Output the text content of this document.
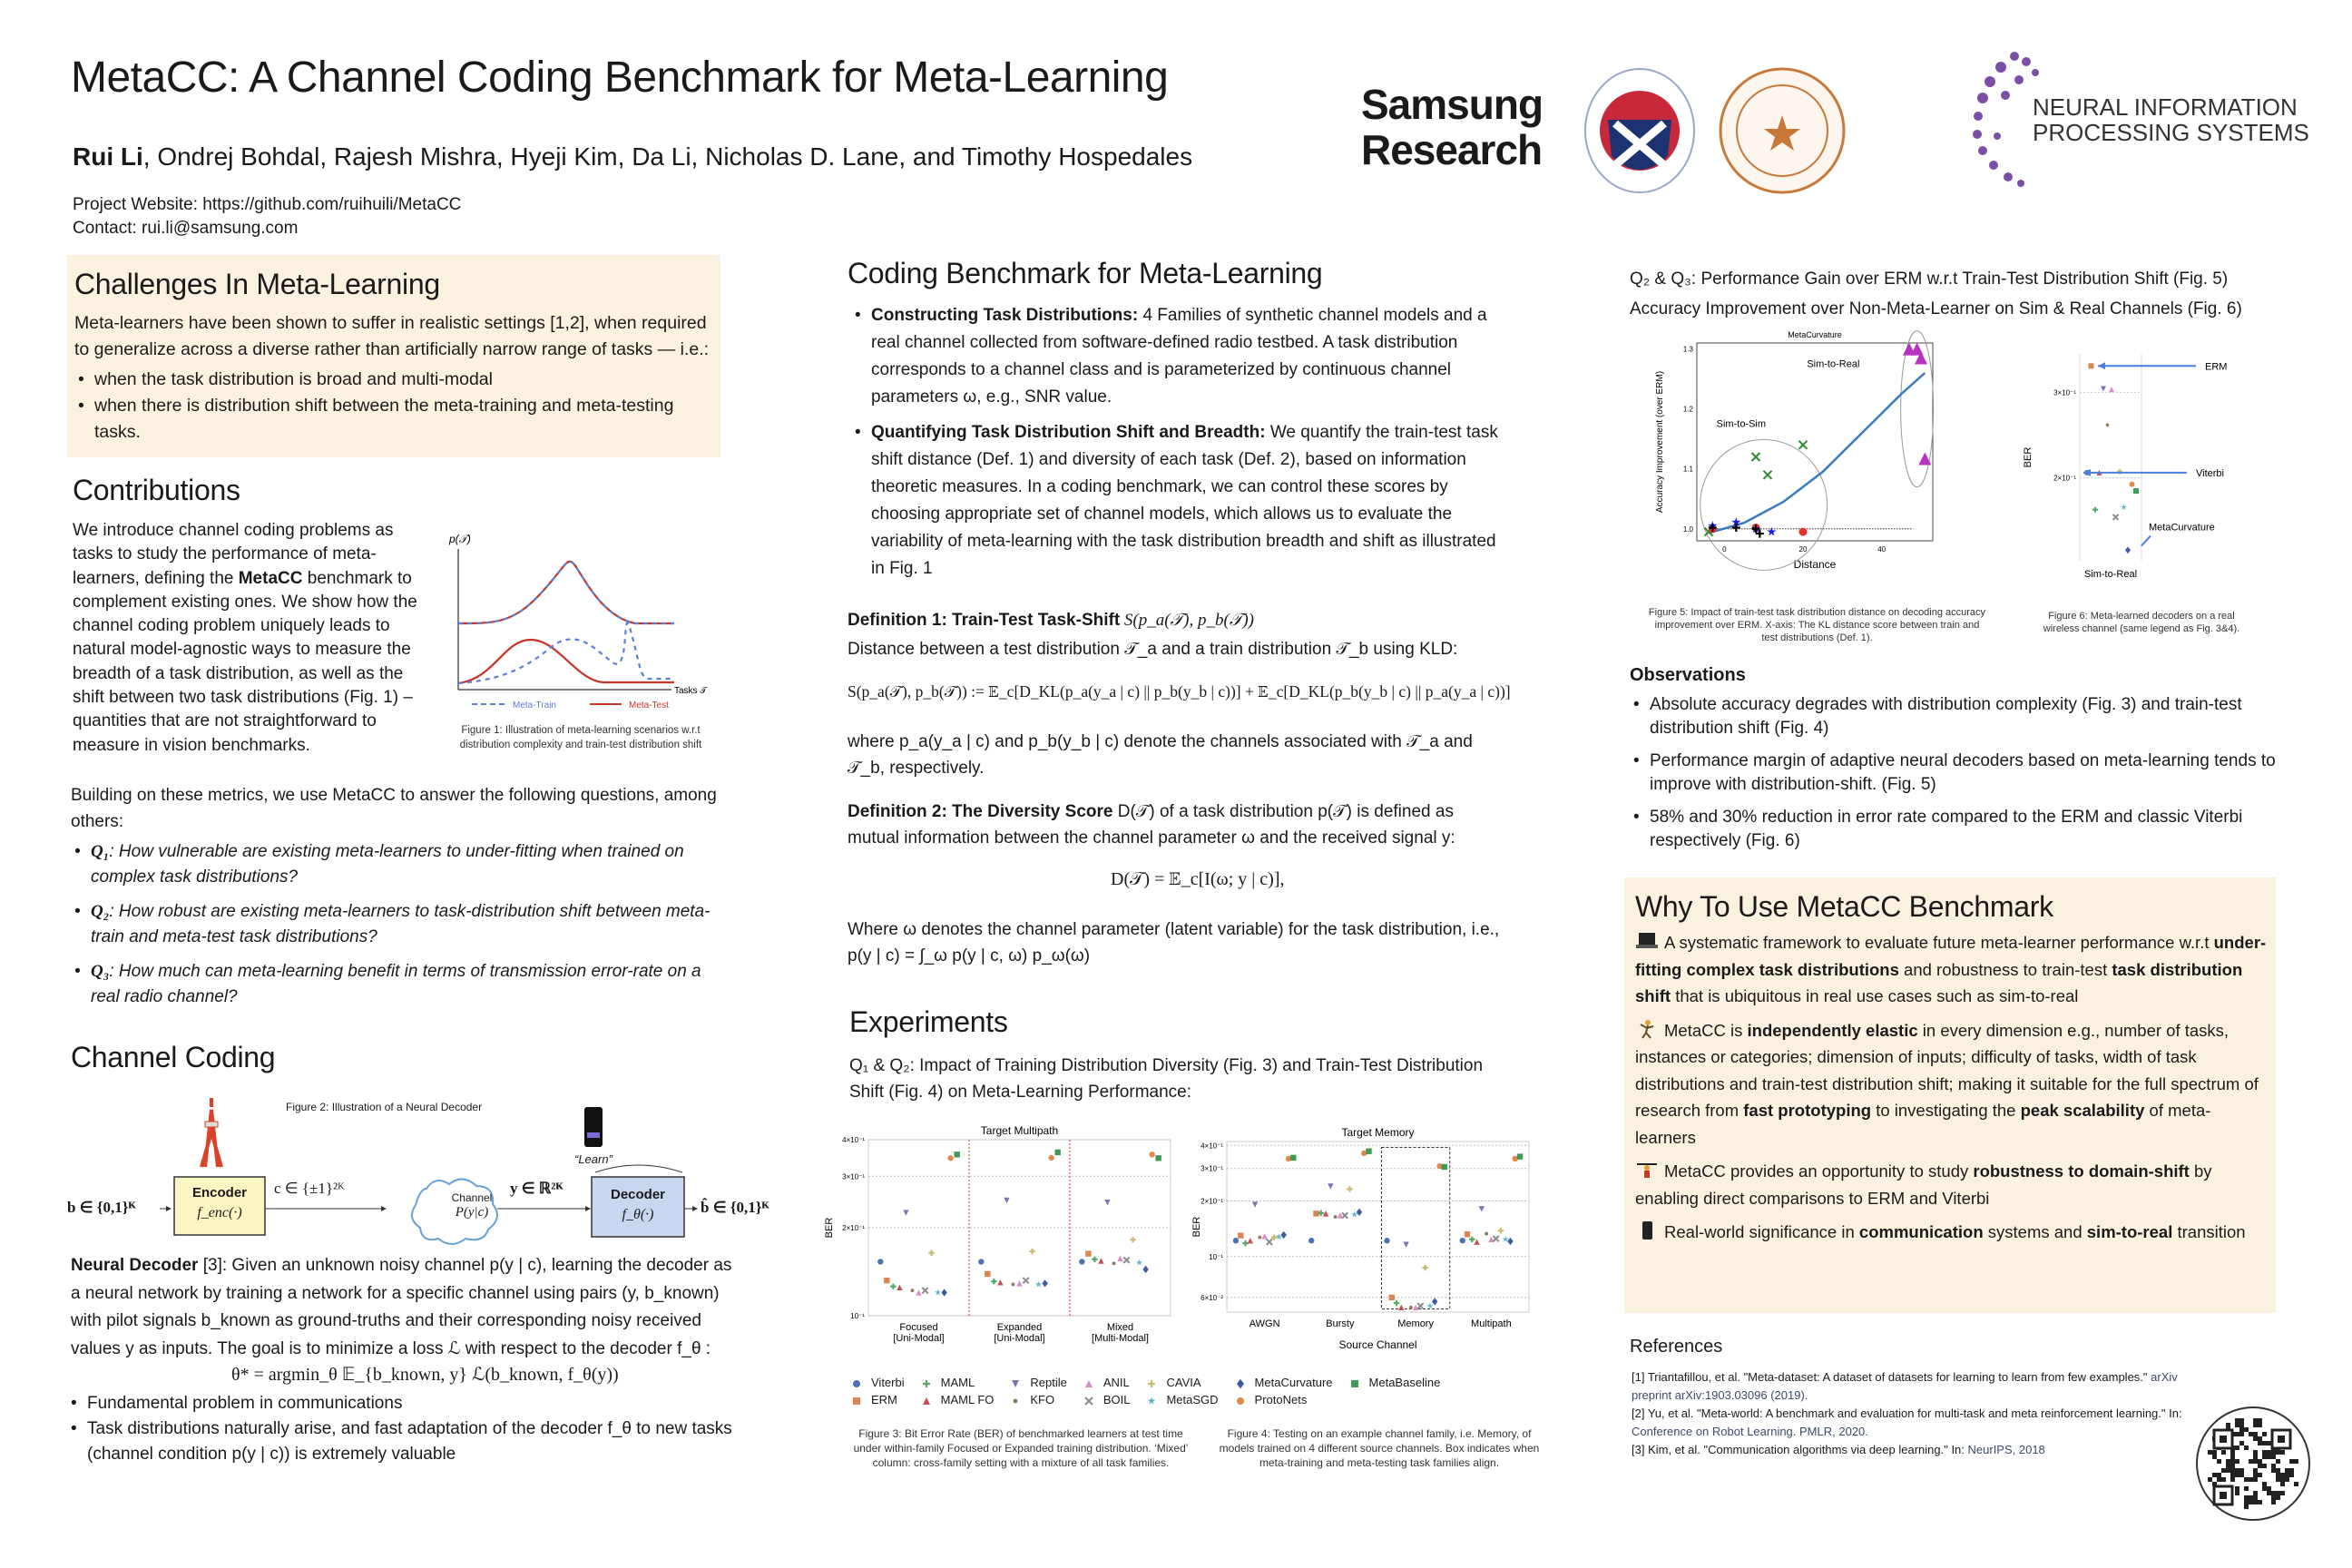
MetaCC: A Channel Coding Benchmark for Meta-Learning
Rui Li, Ondrej Bohdal, Rajesh Mishra, Hyeji Kim, Da Li, Nicholas D. Lane, and Timothy Hospedales
Project Website: https://github.com/ruihuili/MetaCC
Contact: rui.li@samsung.com
Samsung
Research
NEURAL INFORMATION
PROCESSING SYSTEMS
Challenges In Meta-Learning
Meta-learners have been shown to suffer in realistic settings [1,2], when required to generalize across a diverse rather than artificially narrow range of tasks — i.e.:
• when the task distribution is broad and multi-modal
• when there is distribution shift between the meta-training and meta-testing tasks.
Contributions
We introduce channel coding problems as tasks to study the performance of meta-learners, defining the MetaCC benchmark to complement existing ones. We show how the channel coding problem uniquely leads to natural model-agnostic ways to measure the breadth of a task distribution, as well as the shift between two task distributions (Fig. 1) – quantities that are not straightforward to measure in vision benchmarks.
p(𝒯)
Tasks 𝒯
Meta-Train	Meta-Test
Figure 1: Illustration of meta-learning scenarios w.r.t distribution complexity and train-test distribution shift
Building on these metrics, we use MetaCC to answer the following questions, among others:
• Q₁: How vulnerable are existing meta-learners to under-fitting when trained on complex task distributions?
• Q₂: How robust are existing meta-learners to task-distribution shift between meta-train and meta-test task distributions?
• Q₃: How much can meta-learning benefit in terms of transmission error-rate on a real radio channel?
Channel Coding
Figure 2: Illustration of a Neural Decoder
“Learn”
b ∈ {0,1}ᴷ
Encoder
f_enc(·)
c ∈ {±1}²ᴷ
Channel
P(y|c)
y ∈ ℝ²ᴷ	Decoder
f_θ(·)	b̂ ∈ {0,1}ᴷ
Neural Decoder [3]: Given an unknown noisy channel p(y | c), learning the decoder as a neural network by training a network for a specific channel using pairs (y, b_known) with pilot signals b_known as ground-truths and their corresponding noisy received values y as inputs. The goal is to minimize a loss ℒ with respect to the decoder f_θ :
θ* = argmin_θ 𝔼_{b_known, y} ℒ(b_known, f_θ(y))
• Fundamental problem in communications
• Task distributions naturally arise, and fast adaptation of the decoder f_θ to new tasks (channel condition p(y | c)) is extremely valuable
Coding Benchmark for Meta-Learning
• Constructing Task Distributions: 4 Families of synthetic channel models and a real channel collected from software-defined radio testbed. A task distribution corresponds to a channel class and is parameterized by continuous channel parameters ω, e.g., SNR value.
• Quantifying Task Distribution Shift and Breadth: We quantify the train-test task shift distance (Def. 1) and diversity of each task (Def. 2), based on information theoretic measures. In a coding benchmark, we can control these scores by choosing appropriate set of channel models, which allows us to evaluate the variability of meta-learning with the task distribution breadth and shift as illustrated in Fig. 1
Definition 1: Train-Test Task-Shift S(p_a(𝒯), p_b(𝒯))
Distance between a test distribution 𝒯_a and a train distribution 𝒯_b using KLD:
S(p_a(𝒯), p_b(𝒯)) := 𝔼_c[D_KL(p_a(y_a | c) || p_b(y_b | c))] + 𝔼_c[D_KL(p_b(y_b | c) || p_a(y_a | c))]
where p_a(y_a | c) and p_b(y_b | c) denote the channels associated with 𝒯_a and 𝒯_b, respectively.
Definition 2: The Diversity Score D(𝒯) of a task distribution p(𝒯) is defined as mutual information between the channel parameter ω and the received signal y:
D(𝒯) = 𝔼_c[I(ω; y | c)],
Where ω denotes the channel parameter (latent variable) for the task distribution, i.e., p(y | c) = ∫_ω p(y | c, ω) p_ω(ω)
Experiments
Q₁ & Q₂: Impact of Training Distribution Diversity (Fig. 3) and Train-Test Distribution Shift (Fig. 4) on Meta-Learning Performance:
Target Multipath
4×10⁻¹
3×10⁻¹
2×10⁻¹
10⁻¹
BER
Focused
[Uni-Modal]
Expanded
[Uni-Modal]
Mixed
[Multi-Modal]
Target Memory
4×10⁻¹
3×10⁻¹
2×10⁻¹
10⁻¹
6×10⁻²
BER
AWGN	Bursty	Memory	Multipath
Source Channel
Viterbi	MAML	Reptile	ANIL	CAVIA	MetaCurvature	MetaBaseline
ERM	MAML FO	KFO	BOIL	MetaSGD	ProtoNets
Figure 3: Bit Error Rate (BER) of benchmarked learners at test time under within-family Focused or Expanded training distribution. ‘Mixed’ column: cross-family setting with a mixture of all task families.
Figure 4: Testing on an example channel family, i.e. Memory, of models trained on 4 different source channels. Box indicates when meta-training and meta-testing task families align.
Q₂ & Q₃: Performance Gain over ERM w.r.t Train-Test Distribution Shift (Fig. 5)
Accuracy Improvement over Non-Meta-Learner on Sim & Real Channels (Fig. 6)
MetaCurvature
0	20	40
1.0
1.1
1.2
1.3
Accuracy Improvement (over ERM)
Distance
Sim-to-Sim
Sim-to-Real
3×10⁻¹
2×10⁻¹
BER
Sim-to-Real
ERM
Viterbi
MetaCurvature
Figure 5: Impact of train-test task distribution distance on decoding accuracy improvement over ERM. X-axis: The KL distance score between train and test distributions (Def. 1).
Figure 6: Meta-learned decoders on a real wireless channel (same legend as Fig. 3&4).
Observations
• Absolute accuracy degrades with distribution complexity (Fig. 3) and train-test distribution shift (Fig. 4)
• Performance margin of adaptive neural decoders based on meta-learning tends to improve with distribution-shift. (Fig. 5)
• 58% and 30% reduction in error rate compared to the ERM and classic Viterbi respectively (Fig. 6)
Why To Use MetaCC Benchmark
A systematic framework to evaluate future meta-learner performance w.r.t under-fitting complex task distributions and robustness to train-test task distribution shift that is ubiquitous in real use cases such as sim-to-real
MetaCC is independently elastic in every dimension e.g., number of tasks, instances or categories; dimension of inputs; difficulty of tasks, width of task distributions and train-test distribution shift; making it suitable for the full spectrum of research from fast prototyping to investigating the peak scalability of meta-learners
MetaCC provides an opportunity to study robustness to domain-shift by enabling direct comparisons to ERM and Viterbi
Real-world significance in communication systems and sim-to-real transition
References
[1] Triantafillou, et al. "Meta-dataset: A dataset of datasets for learning to learn from few examples." arXiv preprint arXiv:1903.03096 (2019).
[2] Yu, et al. "Meta-world: A benchmark and evaluation for multi-task and meta reinforcement learning." In: Conference on Robot Learning. PMLR, 2020.
[3] Kim, et al. "Communication algorithms via deep learning." In: NeurIPS, 2018
